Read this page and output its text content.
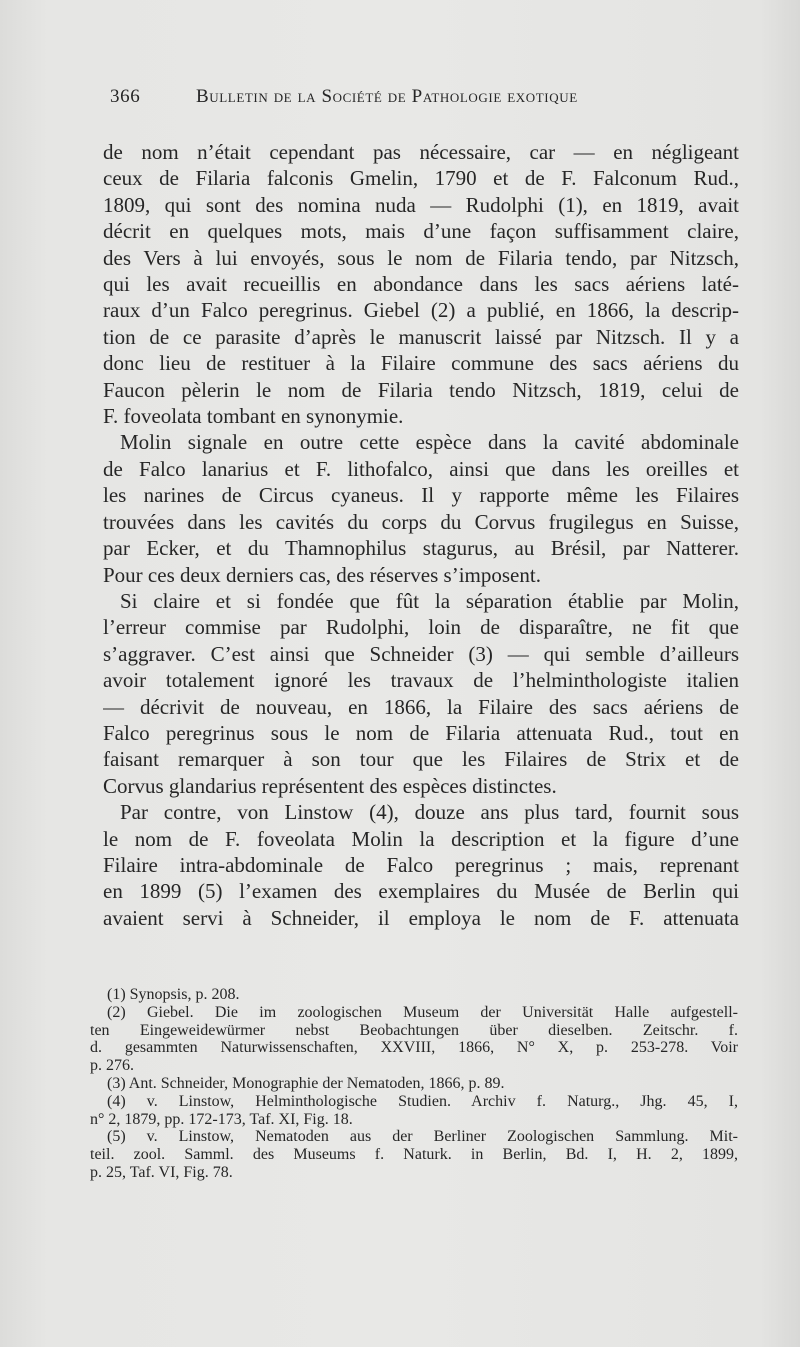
366	Bulletin de la Société de Pathologie exotique
de nom n’était cependant pas nécessaire, car — en négligeant
ceux de Filaria falconis Gmelin, 1790 et de F. Falconum Rud.,
1809, qui sont des nomina nuda — Rudolphi (1), en 1819, avait
décrit en quelques mots, mais d’une façon suffisamment claire,
des Vers à lui envoyés, sous le nom de Filaria tendo, par Nitzsch,
qui les avait recueillis en abondance dans les sacs aériens laté-
raux d’un Falco peregrinus. Giebel (2) a publié, en 1866, la descrip-
tion de ce parasite d’après le manuscrit laissé par Nitzsch. Il y a
donc lieu de restituer à la Filaire commune des sacs aériens du
Faucon pèlerin le nom de Filaria tendo Nitzsch, 1819, celui de
F. foveolata tombant en synonymie.
Molin signale en outre cette espèce dans la cavité abdominale
de Falco lanarius et F. lithofalco, ainsi que dans les oreilles et
les narines de Circus cyaneus. Il y rapporte même les Filaires
trouvées dans les cavités du corps du Corvus frugilegus en Suisse,
par Ecker, et du Thamnophilus stagurus, au Brésil, par Natterer.
Pour ces deux derniers cas, des réserves s’imposent.
Si claire et si fondée que fût la séparation établie par Molin,
l’erreur commise par Rudolphi, loin de disparaître, ne fit que
s’aggraver. C’est ainsi que Schneider (3) — qui semble d’ailleurs
avoir totalement ignoré les travaux de l’helminthologiste italien
— décrivit de nouveau, en 1866, la Filaire des sacs aériens de
Falco peregrinus sous le nom de Filaria attenuata Rud., tout en
faisant remarquer à son tour que les Filaires de Strix et de
Corvus glandarius représentent des espèces distinctes.
Par contre, von Linstow (4), douze ans plus tard, fournit sous
le nom de F. foveolata Molin la description et la figure d’une
Filaire intra-abdominale de Falco peregrinus ; mais, reprenant
en 1899 (5) l’examen des exemplaires du Musée de Berlin qui
avaient servi à Schneider, il employa le nom de F. attenuata
(1) Synopsis, p. 208.
(2) Giebel. Die im zoologischen Museum der Universität Halle aufgestell-
ten Eingeweidewürmer nebst Beobachtungen über dieselben. Zeitschr. f.
d. gesammten Naturwissenschaften, XXVIII, 1866, N° X, p. 253-278. Voir
p. 276.
(3) Ant. Schneider, Monographie der Nematoden, 1866, p. 89.
(4) v. Linstow, Helminthologische Studien. Archiv f. Naturg., Jhg. 45, I,
n° 2, 1879, pp. 172-173, Taf. XI, Fig. 18.
(5) v. Linstow, Nematoden aus der Berliner Zoologischen Sammlung. Mit-
teil. zool. Samml. des Museums f. Naturk. in Berlin, Bd. I, H. 2, 1899,
p. 25, Taf. VI, Fig. 78.
